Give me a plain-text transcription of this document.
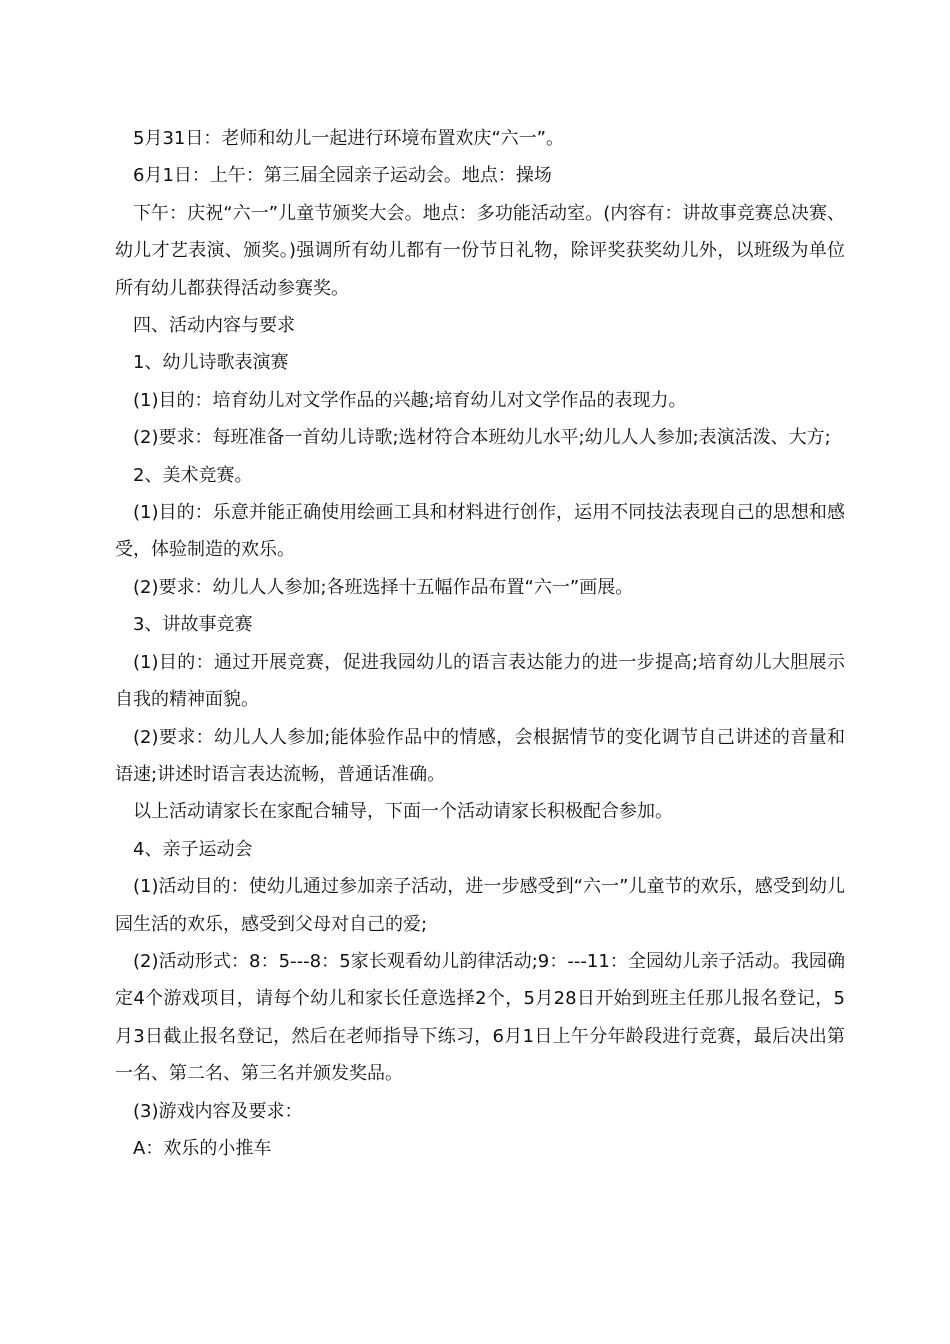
5月31日：老师和幼儿一起进行环境布置欢庆“六一”。

6月1日：上午：第三届全园亲子运动会。地点：操场

下午：庆祝“六一”儿童节颁奖大会。地点：多功能活动室。(内容有：讲故事竞赛总决赛、幼儿才艺表演、颁奖。)强调所有幼儿都有一份节日礼物，除评奖获奖幼儿外，以班级为单位所有幼儿都获得活动参赛奖。

四、活动内容与要求

1、幼儿诗歌表演赛

(1)目的：培育幼儿对文学作品的兴趣;培育幼儿对文学作品的表现力。

(2)要求：每班准备一首幼儿诗歌;选材符合本班幼儿水平;幼儿人人参加;表演活泼、大方;

2、美术竞赛。

(1)目的：乐意并能正确使用绘画工具和材料进行创作，运用不同技法表现自己的思想和感受，体验制造的欢乐。

(2)要求：幼儿人人参加;各班选择十五幅作品布置“六一”画展。

3、讲故事竞赛

(1)目的：通过开展竞赛，促进我园幼儿的语言表达能力的进一步提高;培育幼儿大胆展示自我的精神面貌。

(2)要求：幼儿人人参加;能体验作品中的情感，会根据情节的变化调节自己讲述的音量和语速;讲述时语言表达流畅，普通话准确。

以上活动请家长在家配合辅导，下面一个活动请家长积极配合参加。

4、亲子运动会

(1)活动目的：使幼儿通过参加亲子活动，进一步感受到“六一”儿童节的欢乐，感受到幼儿园生活的欢乐，感受到父母对自己的爱;

(2)活动形式：8：5---8：5家长观看幼儿韵律活动;9：---11：全园幼儿亲子活动。我园确定4个游戏项目，请每个幼儿和家长任意选择2个，5月28日开始到班主任那儿报名登记，5月3日截止报名登记，然后在老师指导下练习，6月1日上午分年龄段进行竞赛，最后决出第一名、第二名、第三名并颁发奖品。

(3)游戏内容及要求：

A：欢乐的小推车
